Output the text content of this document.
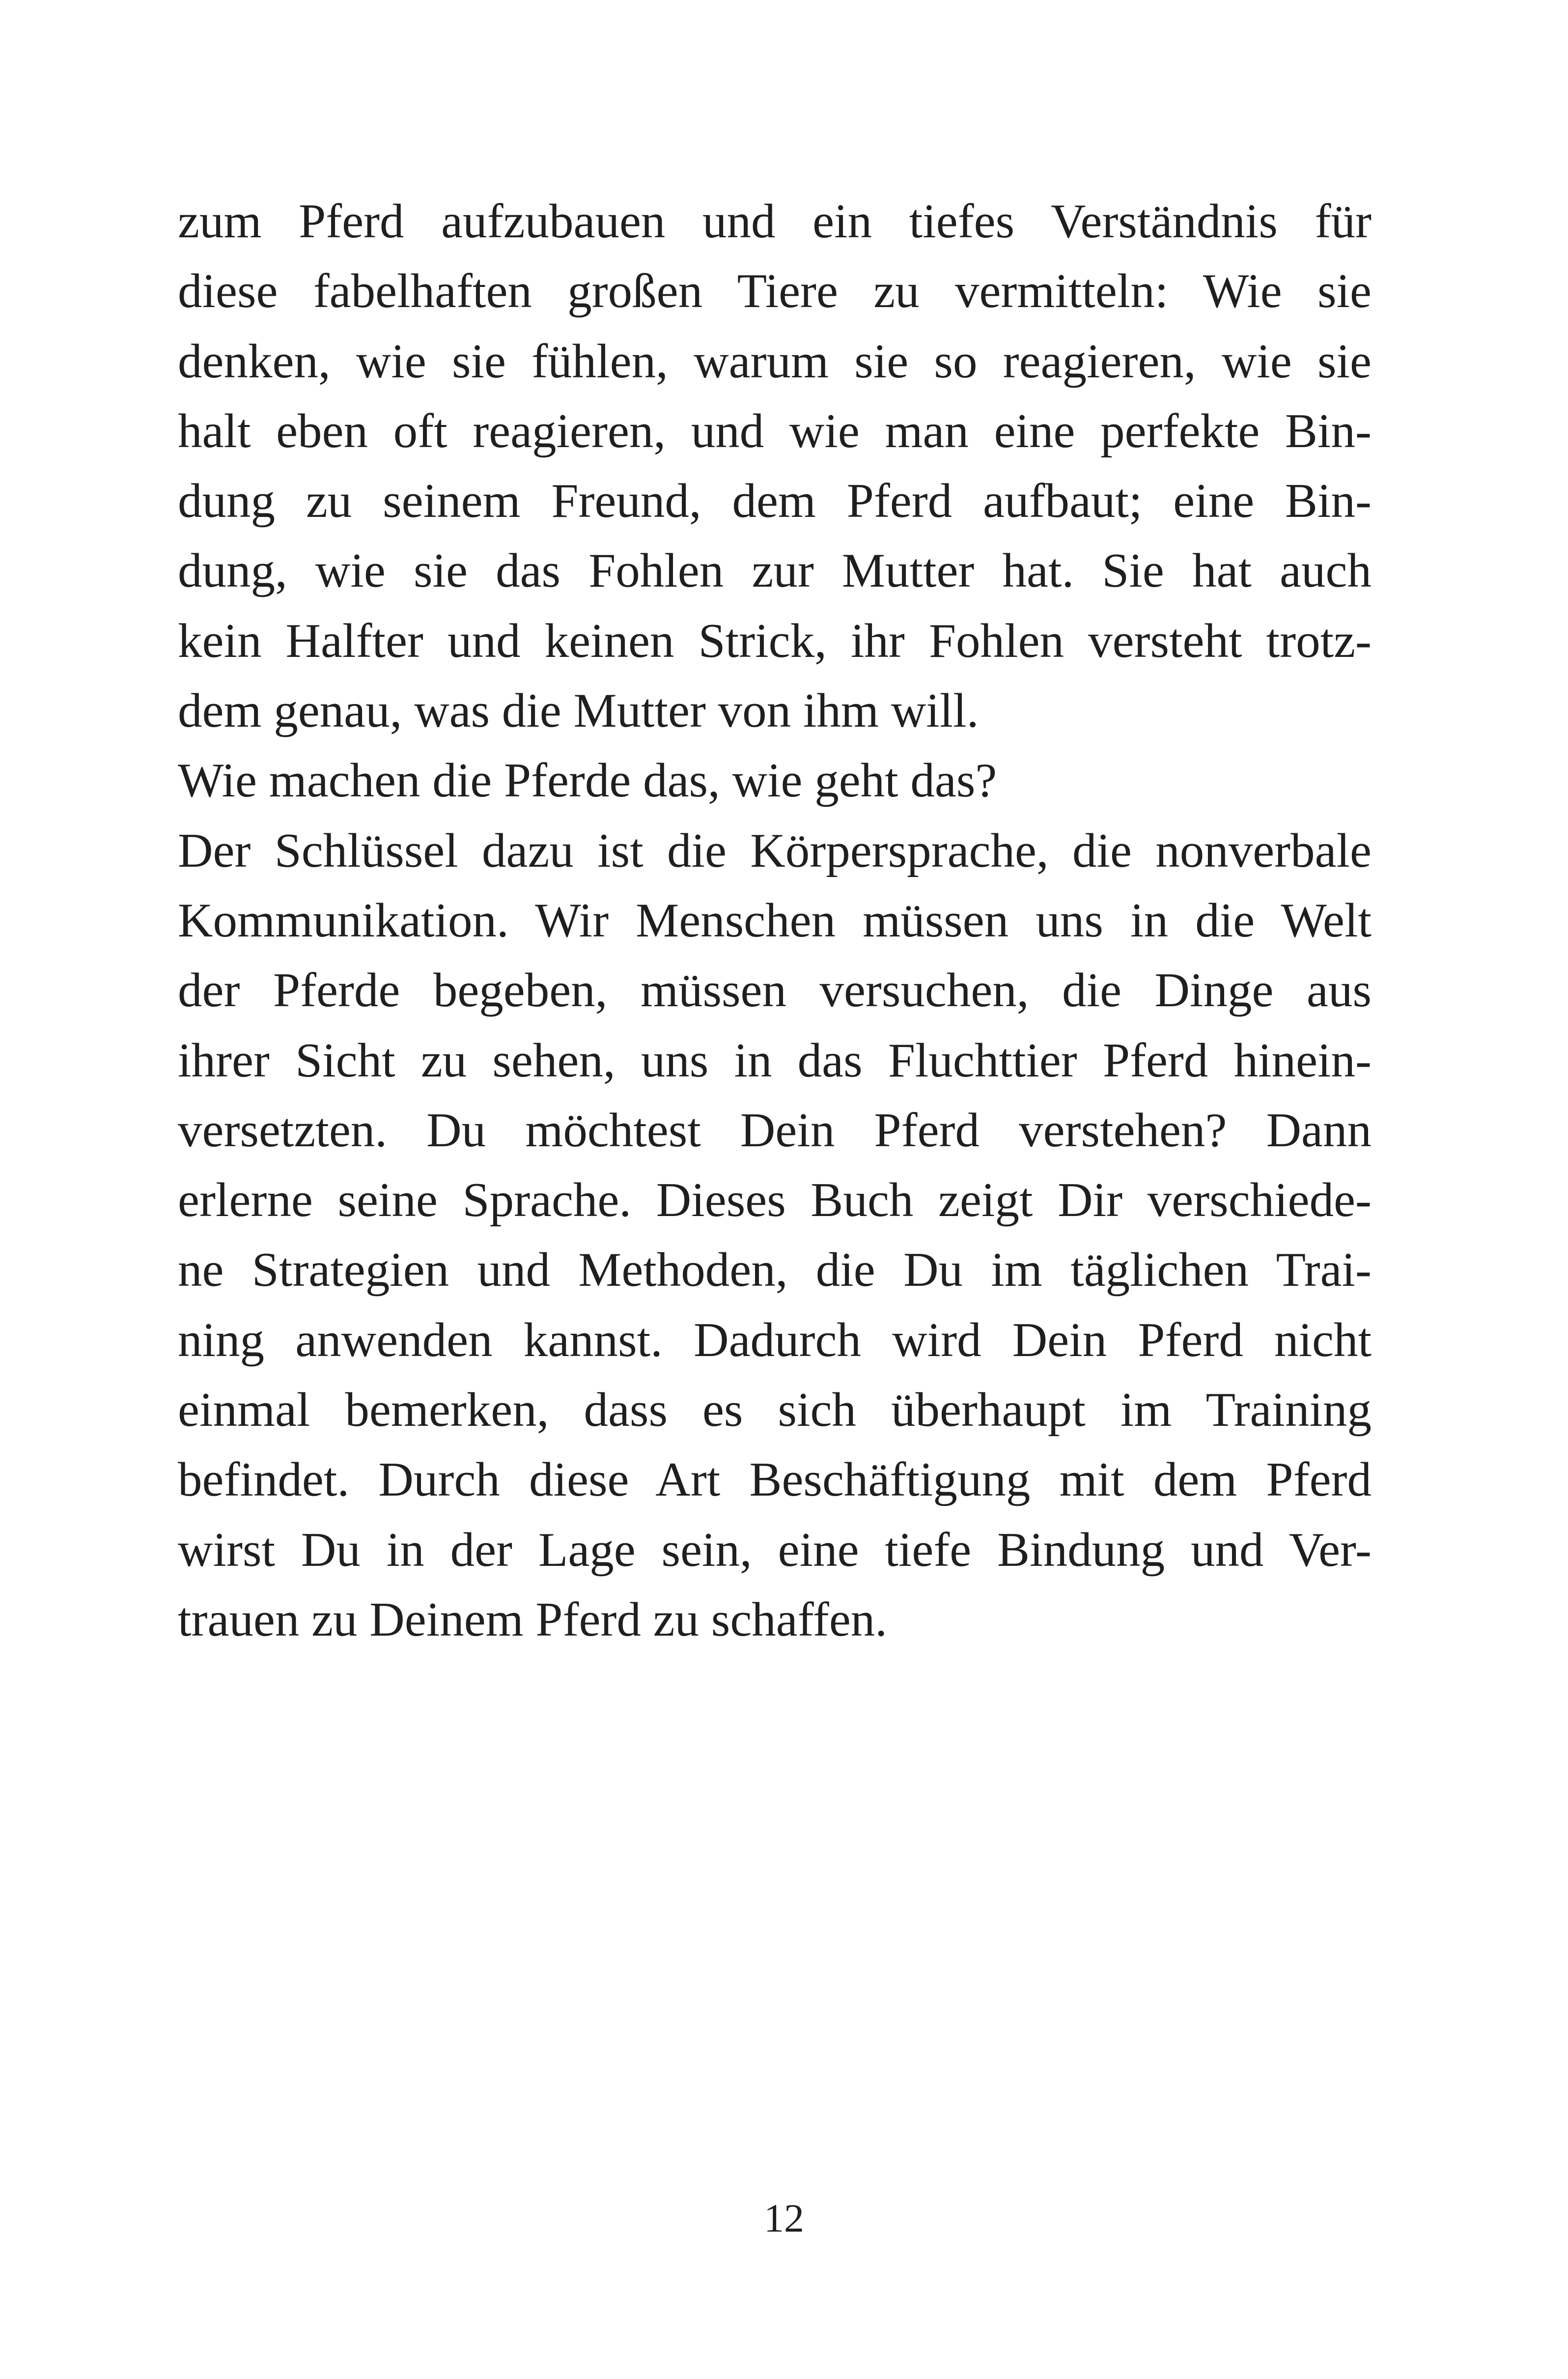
zum Pferd aufzubauen und ein tiefes Verständnis für
diese fabelhaften großen Tiere zu vermitteln: Wie sie
denken, wie sie fühlen, warum sie so reagieren, wie sie
halt eben oft reagieren, und wie man eine perfekte Bin-
dung zu seinem Freund, dem Pferd aufbaut; eine Bin-
dung, wie sie das Fohlen zur Mutter hat. Sie hat auch
kein Halfter und keinen Strick, ihr Fohlen versteht trotz-
dem genau, was die Mutter von ihm will.
Wie machen die Pferde das, wie geht das?
Der Schlüssel dazu ist die Körpersprache, die nonverbale
Kommunikation. Wir Menschen müssen uns in die Welt
der Pferde begeben, müssen versuchen, die Dinge aus
ihrer Sicht zu sehen, uns in das Fluchttier Pferd hinein-
versetzten. Du möchtest Dein Pferd verstehen? Dann
erlerne seine Sprache. Dieses Buch zeigt Dir verschiede-
ne Strategien und Methoden, die Du im täglichen Trai-
ning anwenden kannst. Dadurch wird Dein Pferd nicht
einmal bemerken, dass es sich überhaupt im Training
befindet. Durch diese Art Beschäftigung mit dem Pferd
wirst Du in der Lage sein, eine tiefe Bindung und Ver-
trauen zu Deinem Pferd zu schaffen.
12
